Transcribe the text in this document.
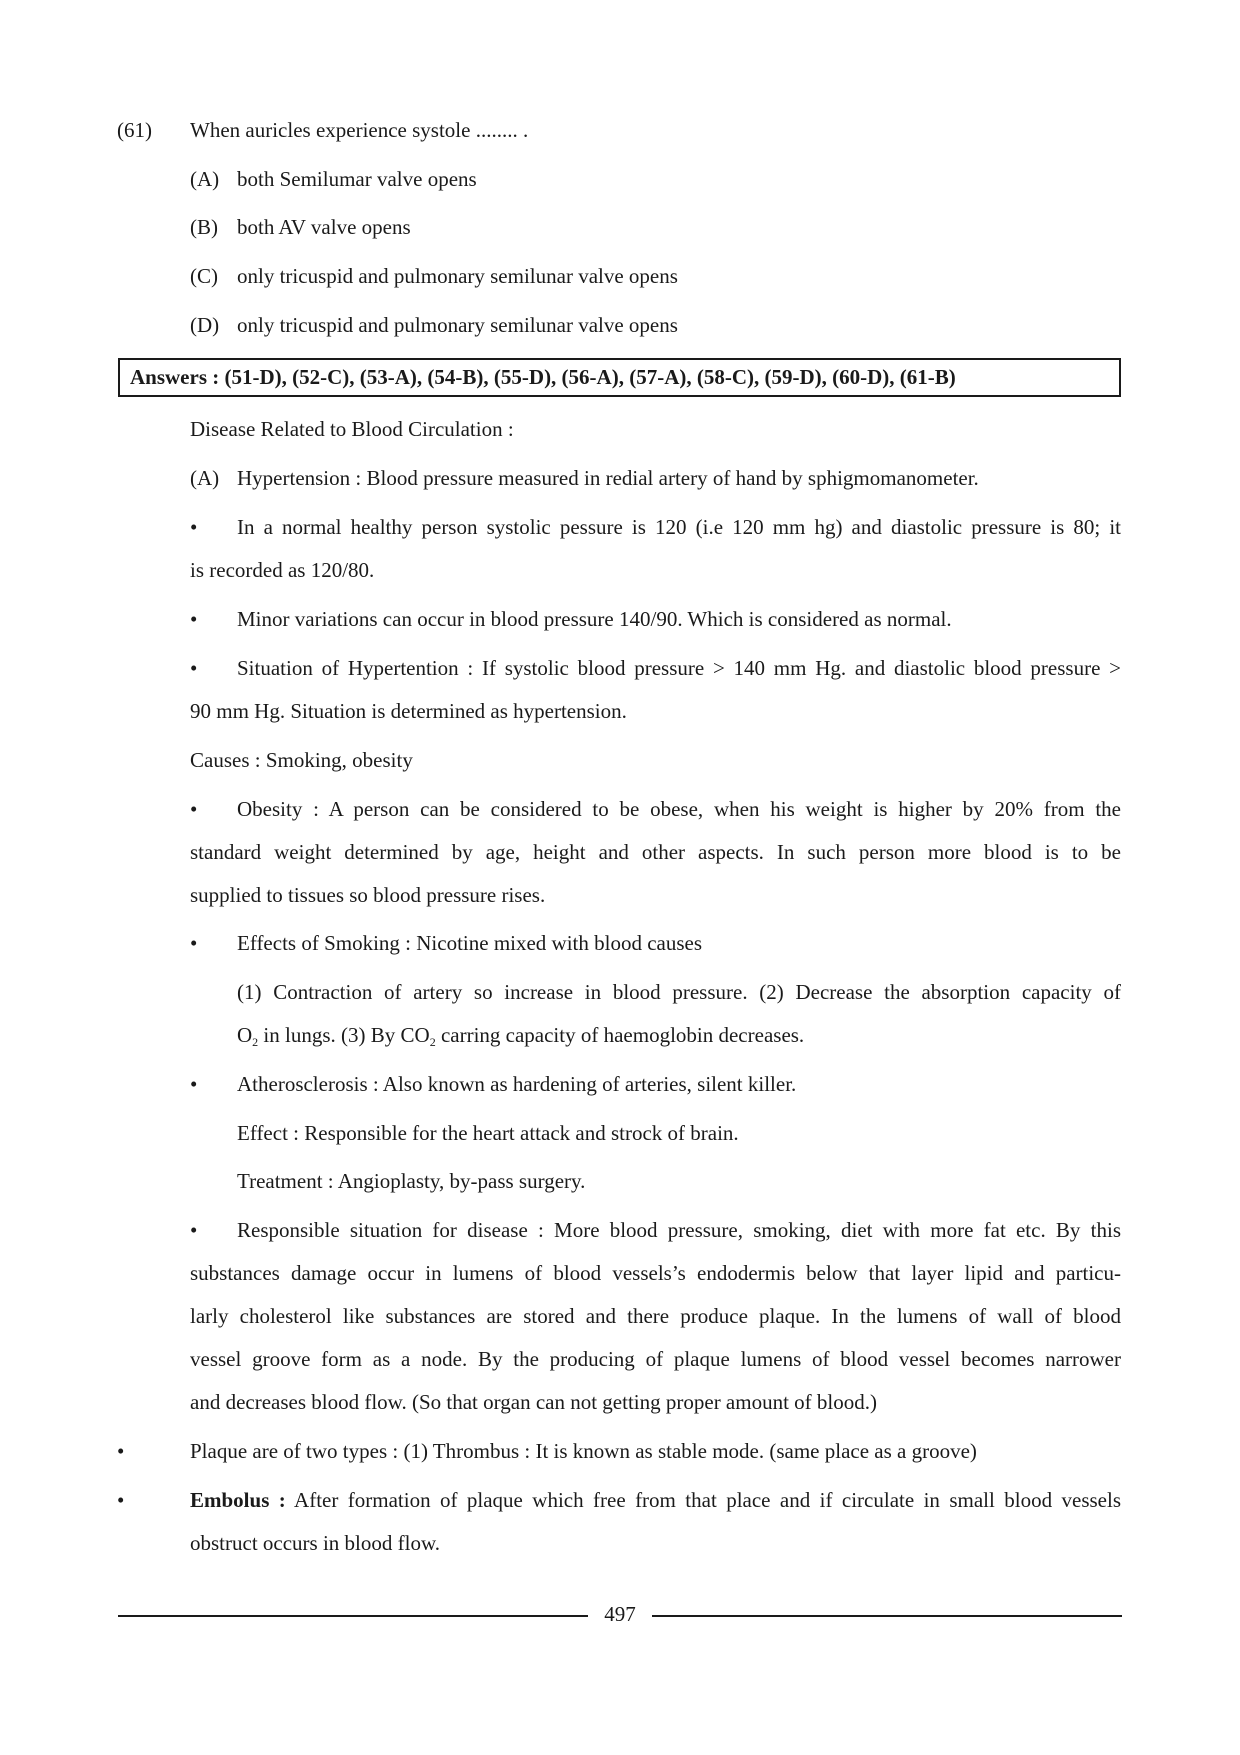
(61) When auricles experience systole ........ .
(A) both Semilumar valve opens
(B) both AV valve opens
(C) only tricuspid and pulmonary semilunar valve opens
(D) only tricuspid and pulmonary semilunar valve opens
Answers : (51-D), (52-C), (53-A), (54-B), (55-D), (56-A), (57-A), (58-C), (59-D), (60-D), (61-B)
Disease Related to Blood Circulation :
(A) Hypertension : Blood pressure measured in redial artery of hand by sphigmomanometer.
• In a normal healthy person systolic pessure is 120 (i.e 120 mm hg) and diastolic pressure is 80; it
is recorded as 120/80.
• Minor variations can occur in blood pressure 140/90. Which is considered as normal.
• Situation of Hypertention : If systolic blood pressure > 140 mm Hg. and diastolic blood pressure >
90 mm Hg. Situation is determined as hypertension.
Causes : Smoking, obesity
• Obesity : A person can be considered to be obese, when his weight is higher by 20% from the
standard weight determined by age, height and other aspects. In such person more blood is to be
supplied to tissues so blood pressure rises.
• Effects of Smoking : Nicotine mixed with blood causes
(1) Contraction of artery so increase in blood pressure. (2) Decrease the absorption capacity of
$O_2$ in lungs. (3) By $CO_2$ carring capacity of haemoglobin decreases.
• Atherosclerosis : Also known as hardening of arteries, silent killer.
Effect : Responsible for the heart attack and strock of brain.
Treatment : Angioplasty, by-pass surgery.
• Responsible situation for disease : More blood pressure, smoking, diet with more fat etc. By this
substances damage occur in lumens of blood vessels’s endodermis below that layer lipid and particu-
larly cholesterol like substances are stored and there produce plaque. In the lumens of wall of blood
vessel groove form as a node. By the producing of plaque lumens of blood vessel becomes narrower
and decreases blood flow. (So that organ can not getting proper amount of blood.)
•	Plaque are of two types : (1) Thrombus : It is known as stable mode. (same place as a groove)
•	Embolus : After formation of plaque which free from that place and if circulate in small blood vessels
obstruct occurs in blood flow.
497
